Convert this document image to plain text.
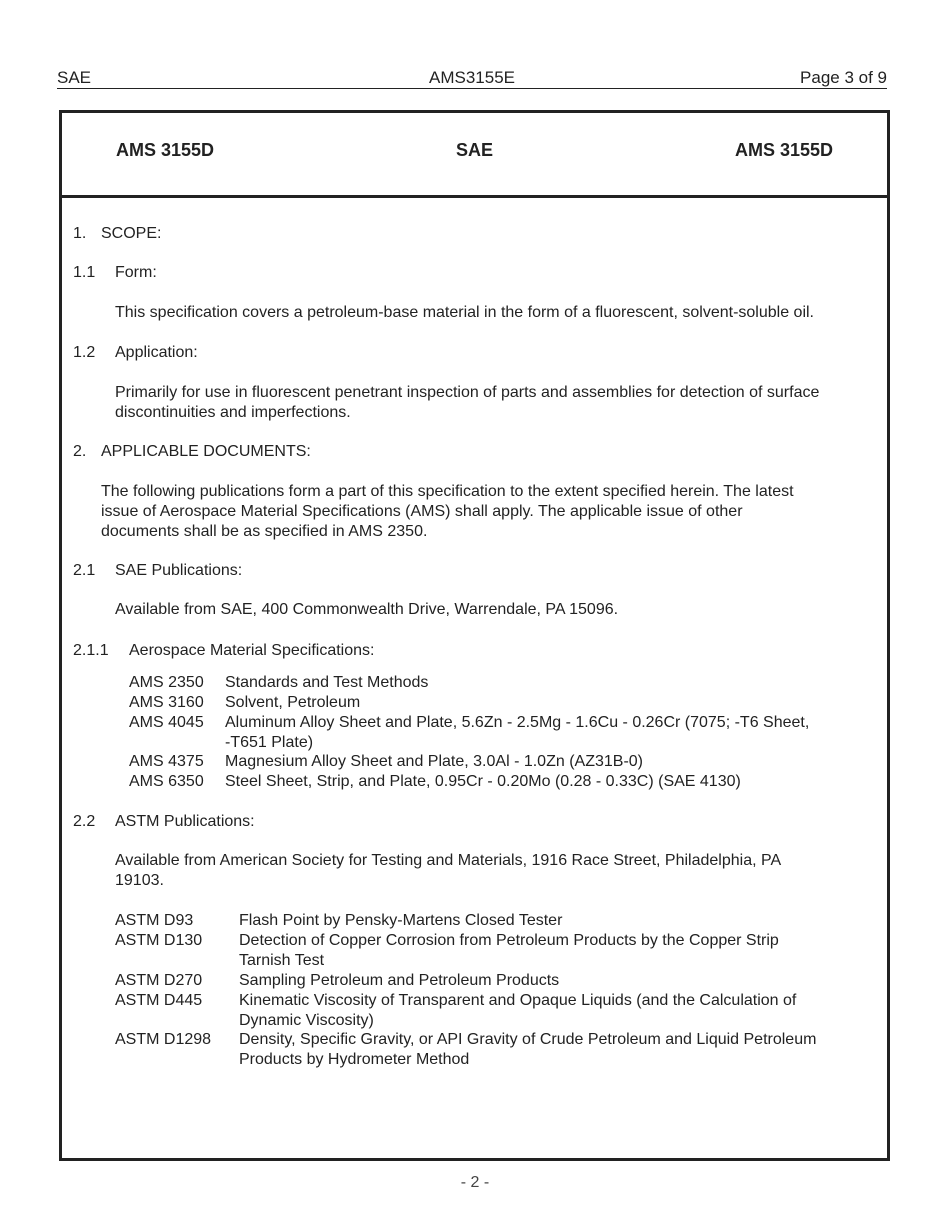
SAE	AMS3155E	Page 3 of 9
AMS 3155D	SAE	AMS 3155D
1. SCOPE:
1.1 Form:
This specification covers a petroleum-base material in the form of a fluorescent, solvent-soluble oil.
1.2 Application:
Primarily for use in fluorescent penetrant inspection of parts and assemblies for detection of surface
discontinuities and imperfections.
2. APPLICABLE DOCUMENTS:
The following publications form a part of this specification to the extent specified herein. The latest
issue of Aerospace Material Specifications (AMS) shall apply. The applicable issue of other
documents shall be as specified in AMS 2350.
2.1 SAE Publications:
Available from SAE, 400 Commonwealth Drive, Warrendale, PA 15096.
2.1.1 Aerospace Material Specifications:
AMS 2350 Standards and Test Methods
AMS 3160 Solvent, Petroleum
AMS 4045 Aluminum Alloy Sheet and Plate, 5.6Zn - 2.5Mg - 1.6Cu - 0.26Cr (7075; -T6 Sheet,
-T651 Plate)
AMS 4375 Magnesium Alloy Sheet and Plate, 3.0Al - 1.0Zn (AZ31B-0)
AMS 6350 Steel Sheet, Strip, and Plate, 0.95Cr - 0.20Mo (0.28 - 0.33C) (SAE 4130)
2.2 ASTM Publications:
Available from American Society for Testing and Materials, 1916 Race Street, Philadelphia, PA
19103.
ASTM D93	Flash Point by Pensky-Martens Closed Tester
ASTM D130 Detection of Copper Corrosion from Petroleum Products by the Copper Strip
Tarnish Test
ASTM D270 Sampling Petroleum and Petroleum Products
ASTM D445 Kinematic Viscosity of Transparent and Opaque Liquids (and the Calculation of
Dynamic Viscosity)
ASTM D1298 Density, Specific Gravity, or API Gravity of Crude Petroleum and Liquid Petroleum
Products by Hydrometer Method
- 2 -
